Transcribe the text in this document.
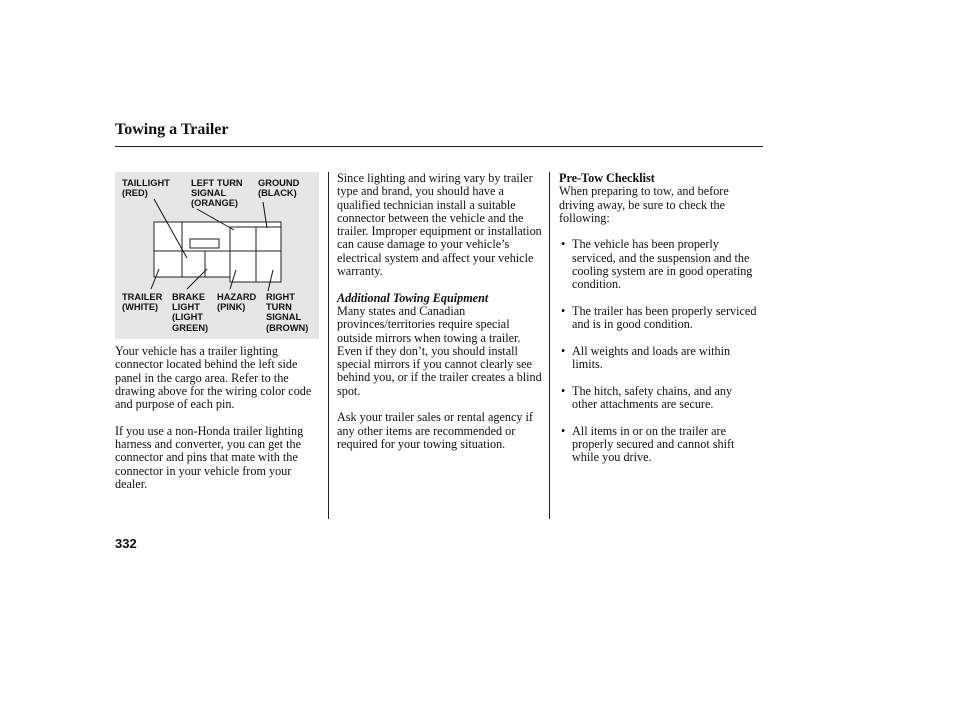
Towing a Trailer
TAILLIGHT
(RED)
LEFT TURN
SIGNAL
(ORANGE)
GROUND
(BLACK)
TRAILER
(WHITE)
BRAKE
LIGHT
(LIGHT
GREEN)
HAZARD
(PINK)
RIGHT
TURN
SIGNAL
(BROWN)

Your vehicle has a trailer lighting connector located behind the left side panel in the cargo area. Refer to the drawing above for the wiring color code and purpose of each pin.

If you use a non-Honda trailer lighting harness and converter, you can get the connector and pins that mate with the connector in your vehicle from your dealer.

Since lighting and wiring vary by trailer type and brand, you should have a qualified technician install a suitable connector between the vehicle and the trailer. Improper equipment or installation can cause damage to your vehicle’s electrical system and affect your vehicle warranty.

Additional Towing Equipment

Many states and Canadian provinces/territories require special outside mirrors when towing a trailer. Even if they don’t, you should install special mirrors if you cannot clearly see behind you, or if the trailer creates a blind spot.

Ask your trailer sales or rental agency if any other items are recommended or required for your towing situation.

Pre-Tow Checklist

When preparing to tow, and before driving away, be sure to check the following:

• The vehicle has been properly serviced, and the suspension and the cooling system are in good operating condition.
• The trailer has been properly serviced and is in good condition.
• All weights and loads are within limits.
• The hitch, safety chains, and any other attachments are secure.
• All items in or on the trailer are properly secured and cannot shift while you drive.
332
